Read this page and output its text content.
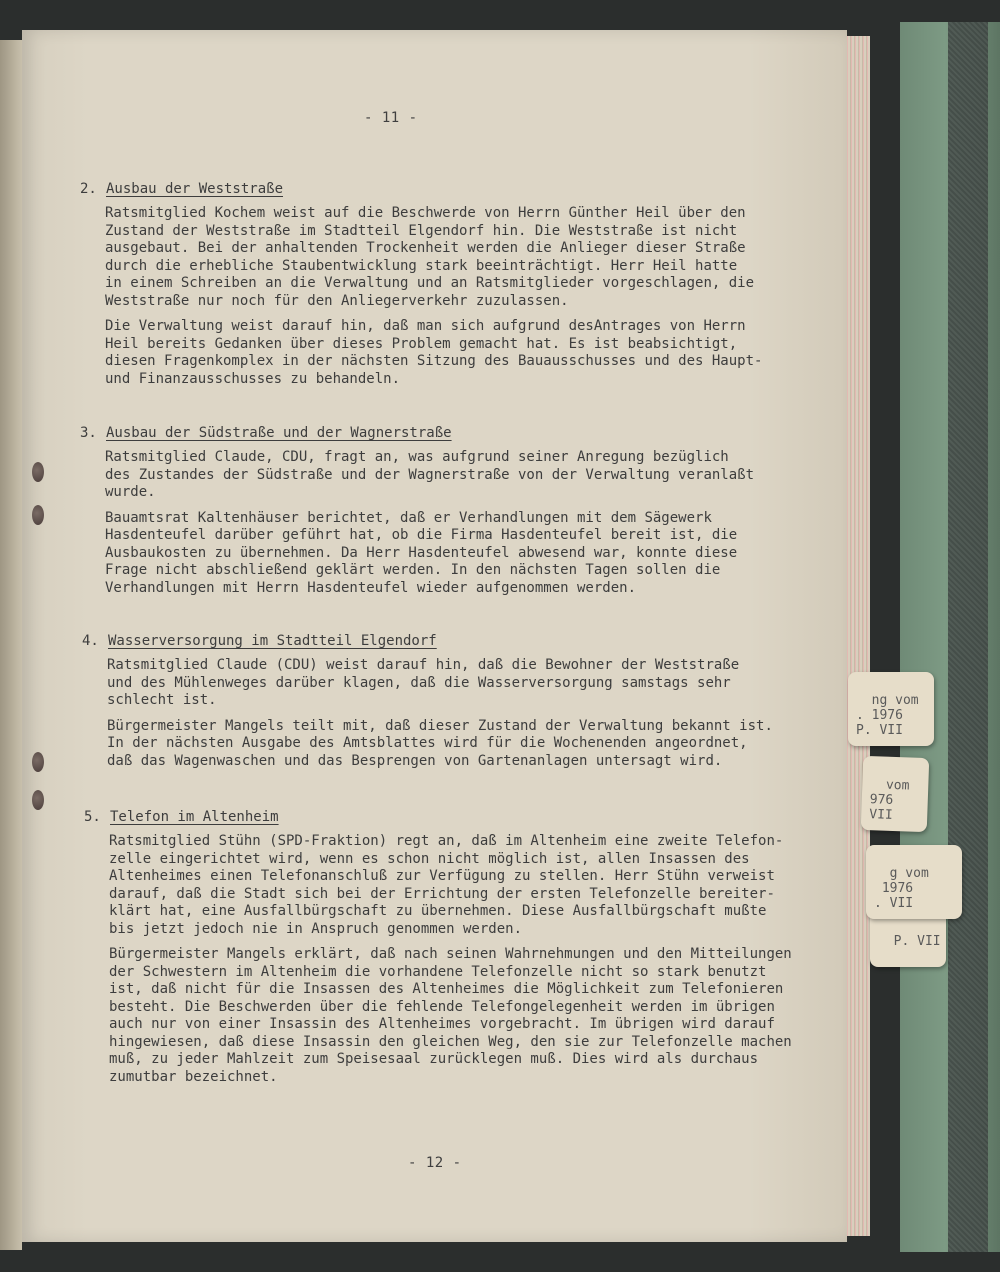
P. VII

ng vom
. 1976
P. VII

vom
976
VII

g vom
1976
. VII

- 11 -
2. Ausbau der Weststraße
Ratsmitglied Kochem weist auf die Beschwerde von Herrn Günther Heil über den
Zustand der Weststraße im Stadtteil Elgendorf hin. Die Weststraße ist nicht
ausgebaut. Bei der anhaltenden Trockenheit werden die Anlieger dieser Straße
durch die erhebliche Staubentwicklung stark beeinträchtigt. Herr Heil hatte
in einem Schreiben an die Verwaltung und an Ratsmitglieder vorgeschlagen, die
Weststraße nur noch für den Anliegerverkehr zuzulassen.
Die Verwaltung weist darauf hin, daß man sich aufgrund desAntrages von Herrn
Heil bereits Gedanken über dieses Problem gemacht hat. Es ist beabsichtigt,
diesen Fragenkomplex in der nächsten Sitzung des Bauausschusses und des Haupt-
und Finanzausschusses zu behandeln.
3. Ausbau der Südstraße und der Wagnerstraße
Ratsmitglied Claude, CDU, fragt an, was aufgrund seiner Anregung bezüglich
des Zustandes der Südstraße und der Wagnerstraße von der Verwaltung veranlaßt
wurde.
Bauamtsrat Kaltenhäuser berichtet, daß er Verhandlungen mit dem Sägewerk
Hasdenteufel darüber geführt hat, ob die Firma Hasdenteufel bereit ist, die
Ausbaukosten zu übernehmen. Da Herr Hasdenteufel abwesend war, konnte diese
Frage nicht abschließend geklärt werden. In den nächsten Tagen sollen die
Verhandlungen mit Herrn Hasdenteufel wieder aufgenommen werden.
4. Wasserversorgung im Stadtteil Elgendorf
Ratsmitglied Claude (CDU) weist darauf hin, daß die Bewohner der Weststraße
und des Mühlenweges darüber klagen, daß die Wasserversorgung samstags sehr
schlecht ist.
Bürgermeister Mangels teilt mit, daß dieser Zustand der Verwaltung bekannt ist.
In der nächsten Ausgabe des Amtsblattes wird für die Wochenenden angeordnet,
daß das Wagenwaschen und das Besprengen von Gartenanlagen untersagt wird.
5. Telefon im Altenheim
Ratsmitglied Stühn (SPD-Fraktion) regt an, daß im Altenheim eine zweite Telefon-
zelle eingerichtet wird, wenn es schon nicht möglich ist, allen Insassen des
Altenheimes einen Telefonanschluß zur Verfügung zu stellen. Herr Stühn verweist
darauf, daß die Stadt sich bei der Errichtung der ersten Telefonzelle bereiter-
klärt hat, eine Ausfallbürgschaft zu übernehmen. Diese Ausfallbürgschaft mußte
bis jetzt jedoch nie in Anspruch genommen werden.
Bürgermeister Mangels erklärt, daß nach seinen Wahrnehmungen und den Mitteilungen
der Schwestern im Altenheim die vorhandene Telefonzelle nicht so stark benutzt
ist, daß nicht für die Insassen des Altenheimes die Möglichkeit zum Telefonieren
besteht. Die Beschwerden über die fehlende Telefongelegenheit werden im übrigen
auch nur von einer Insassin des Altenheimes vorgebracht. Im übrigen wird darauf
hingewiesen, daß diese Insassin den gleichen Weg, den sie zur Telefonzelle machen
muß, zu jeder Mahlzeit zum Speisesaal zurücklegen muß. Dies wird als durchaus
zumutbar bezeichnet.
- 12 -
